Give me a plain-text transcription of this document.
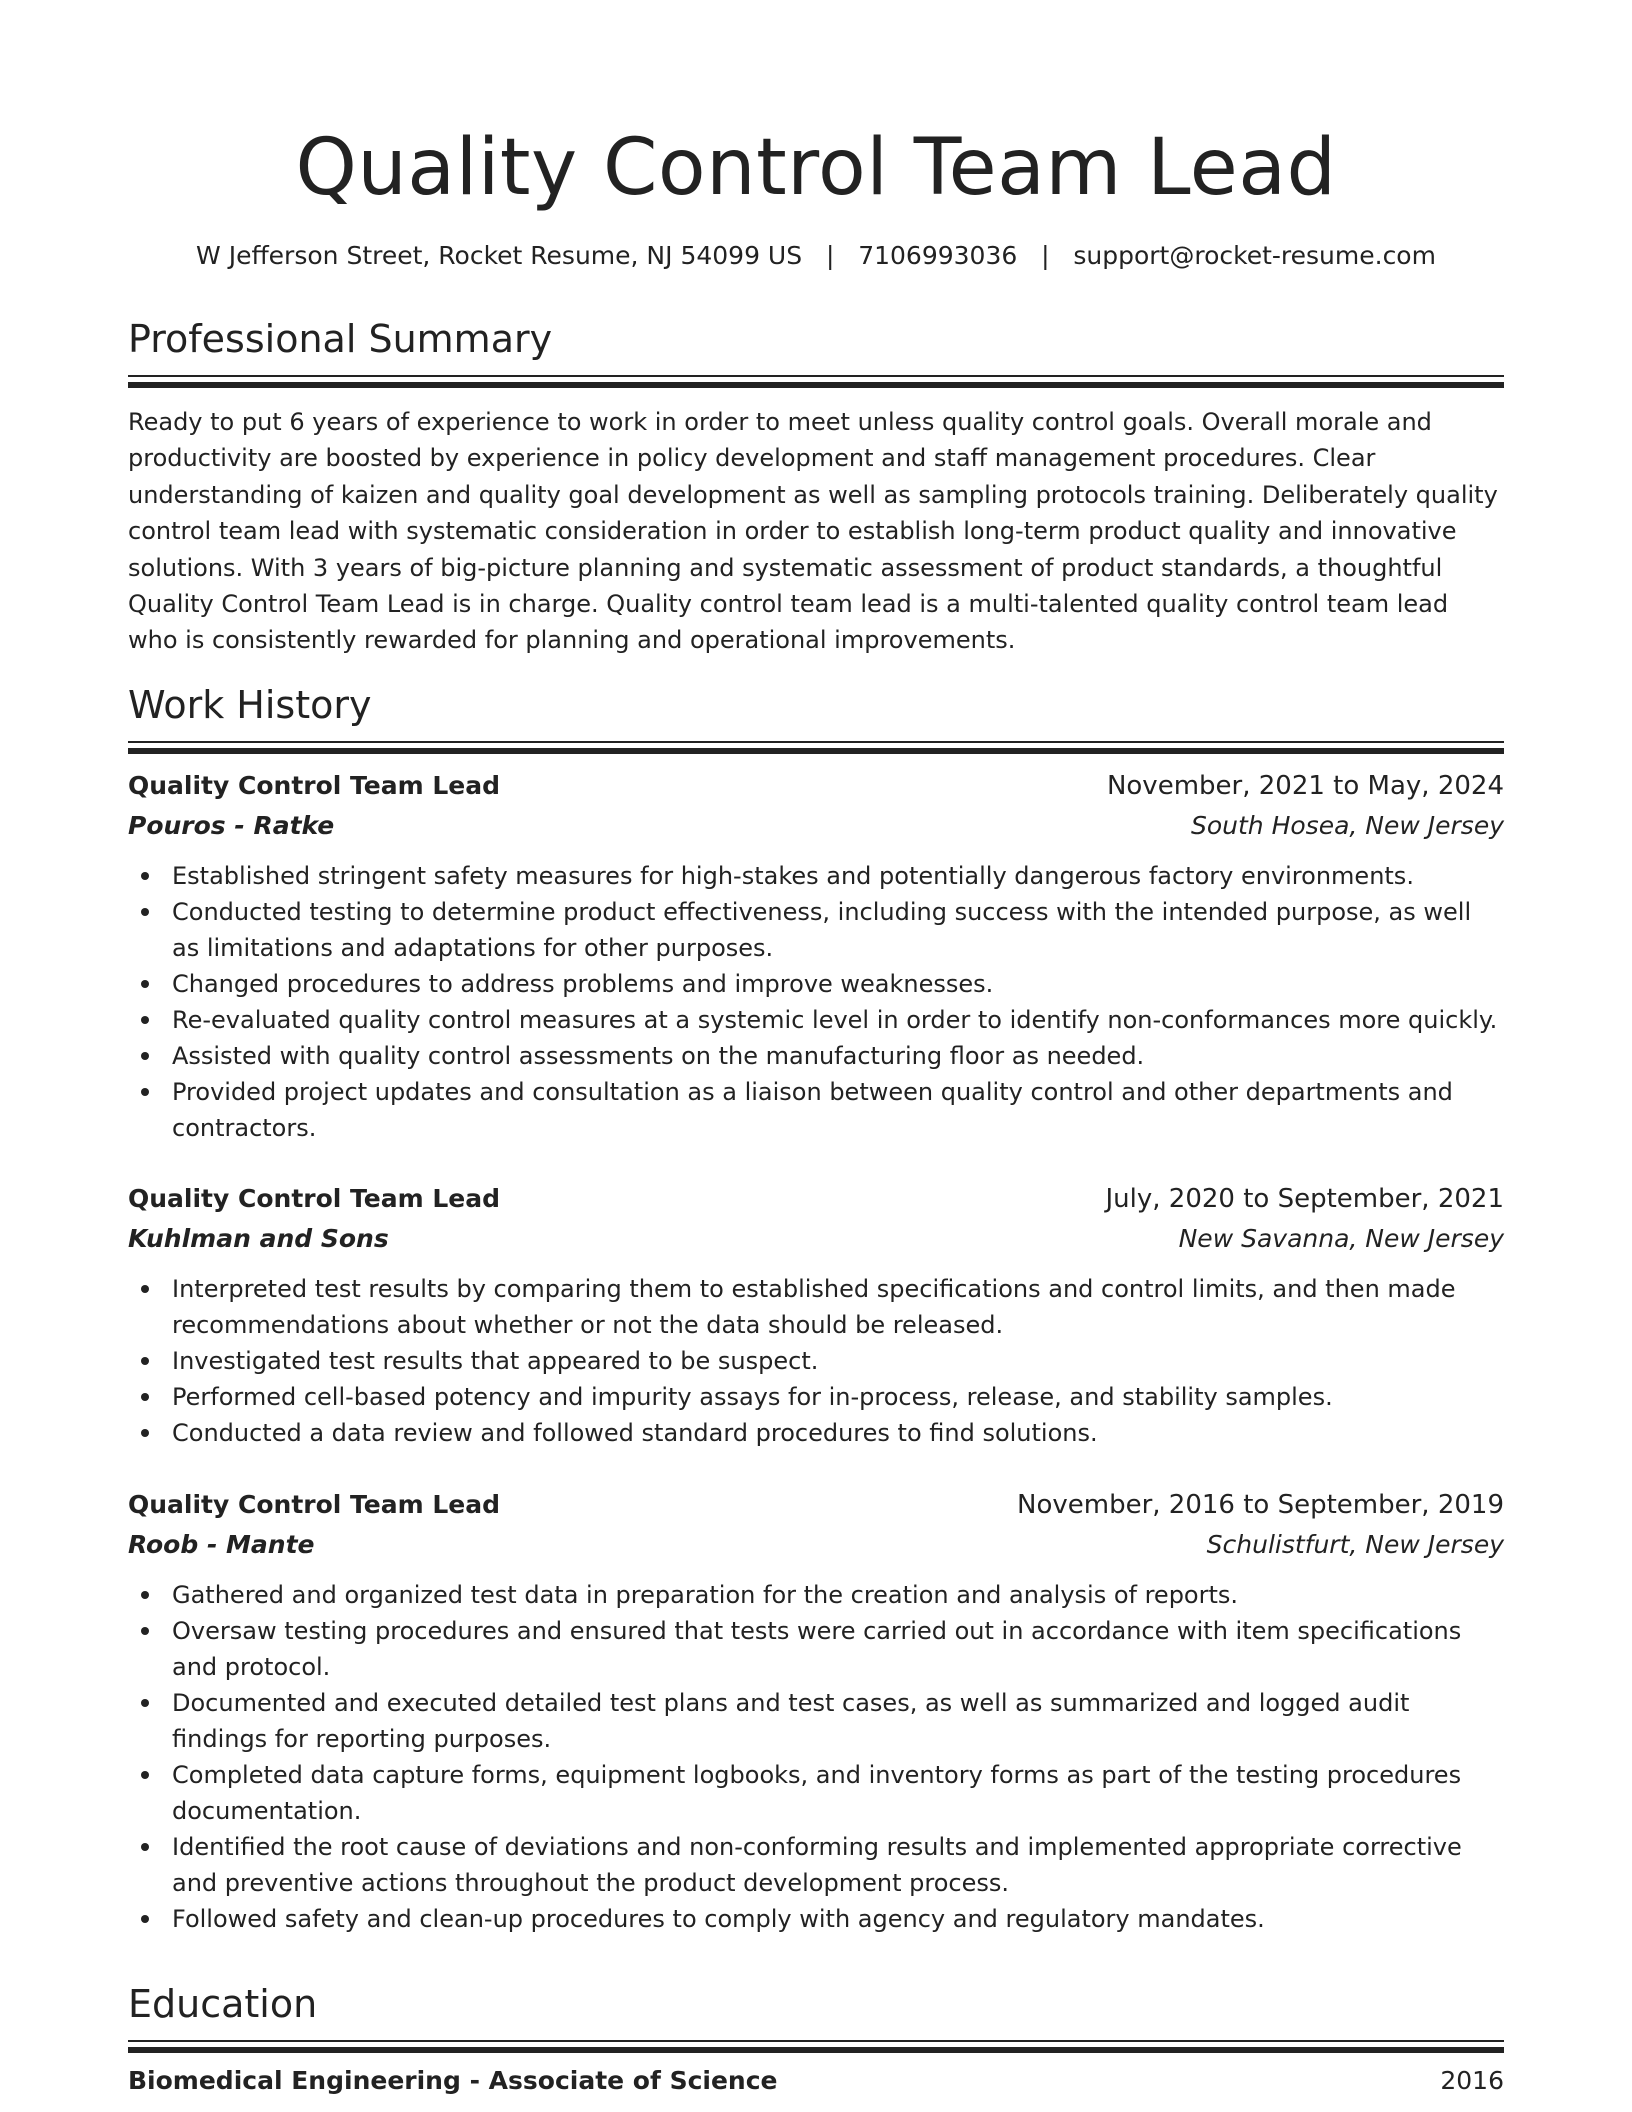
Quality Control Team Lead
W Jefferson Street, Rocket Resume, NJ 54099 US   |   7106993036   |   support@rocket-resume.com
Professional Summary
Ready to put 6 years of experience to work in order to meet unless quality control goals. Overall morale and productivity are boosted by experience in policy development and staff management procedures. Clear understanding of kaizen and quality goal development as well as sampling protocols training. Deliberately quality control team lead with systematic consideration in order to establish long-term product quality and innovative solutions. With 3 years of big-picture planning and systematic assessment of product standards, a thoughtful Quality Control Team Lead is in charge. Quality control team lead is a multi-talented quality control team lead who is consistently rewarded for planning and operational improvements.
Work History
Quality Control Team Lead	November, 2021 to May, 2024
Pouros - Ratke	South Hosea, New Jersey
Established stringent safety measures for high-stakes and potentially dangerous factory environments.
Conducted testing to determine product effectiveness, including success with the intended purpose, as well as limitations and adaptations for other purposes.
Changed procedures to address problems and improve weaknesses.
Re-evaluated quality control measures at a systemic level in order to identify non-conformances more quickly.
Assisted with quality control assessments on the manufacturing floor as needed.
Provided project updates and consultation as a liaison between quality control and other departments and contractors.
Quality Control Team Lead	July, 2020 to September, 2021
Kuhlman and Sons	New Savanna, New Jersey
Interpreted test results by comparing them to established specifications and control limits, and then made recommendations about whether or not the data should be released.
Investigated test results that appeared to be suspect.
Performed cell-based potency and impurity assays for in-process, release, and stability samples.
Conducted a data review and followed standard procedures to find solutions.
Quality Control Team Lead	November, 2016 to September, 2019
Roob - Mante	Schulistfurt, New Jersey
Gathered and organized test data in preparation for the creation and analysis of reports.
Oversaw testing procedures and ensured that tests were carried out in accordance with item specifications and protocol.
Documented and executed detailed test plans and test cases, as well as summarized and logged audit findings for reporting purposes.
Completed data capture forms, equipment logbooks, and inventory forms as part of the testing procedures documentation.
Identified the root cause of deviations and non-conforming results and implemented appropriate corrective and preventive actions throughout the product development process.
Followed safety and clean-up procedures to comply with agency and regulatory mandates.
Education
Biomedical Engineering - Associate of Science	2016
